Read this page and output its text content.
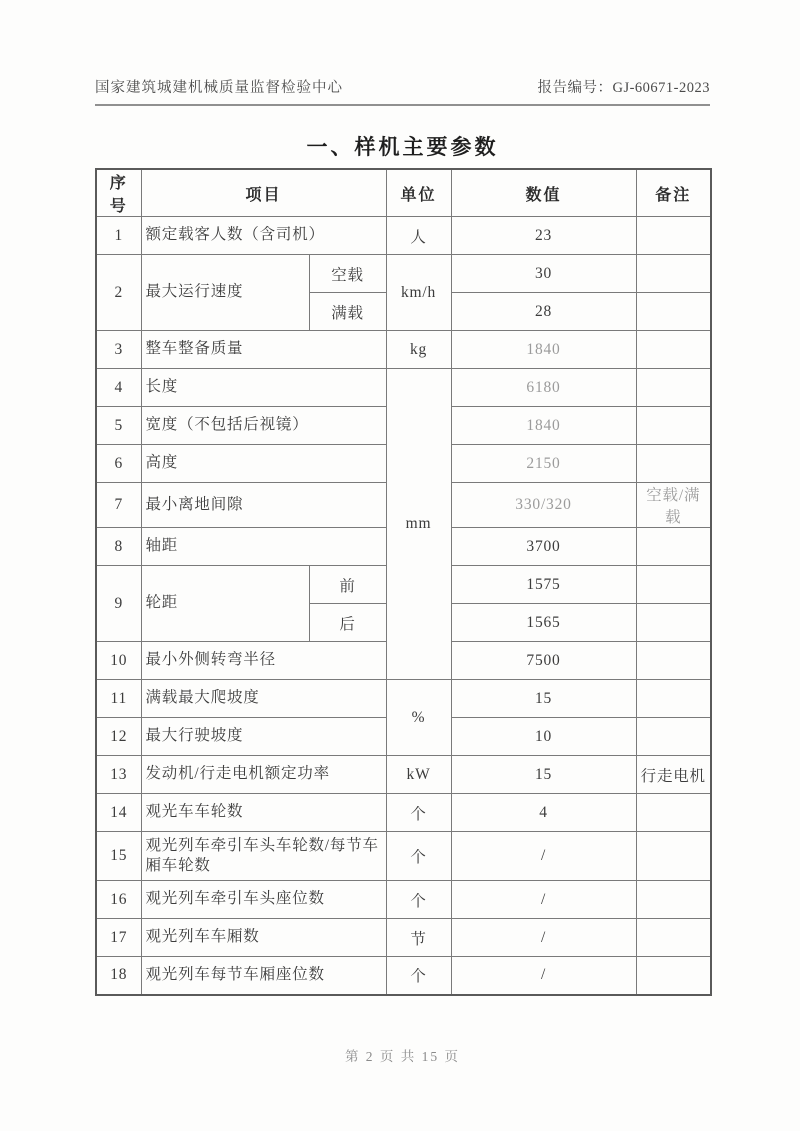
国家建筑城建机械质量监督检验中心	报告编号：GJ-60671-2023
一、样机主要参数
序号	项目		单位	数值	备注
1	额定载客人数（含司机）		人	23	
2	最大运行速度	空载	km/h	30	
		满载		28	
3	整车整备质量		kg	1840	
4	长度		mm	6180	
5	宽度（不包括后视镜）			1840	
6	高度			2150	
7	最小离地间隙			330/320	空载/满载
8	轴距			3700	
9	轮距	前		1575	
		后		1565	
10	最小外侧转弯半径			7500	
11	满载最大爬坡度		%	15	
12	最大行驶坡度			10	
13	发动机/行走电机额定功率		kW	15	行走电机
14	观光车车轮数		个	4	
15	观光列车牵引车头车轮数/每节车厢车轮数		个	/	
16	观光列车牵引车头座位数		个	/	
17	观光列车车厢数		节	/	
18	观光列车每节车厢座位数		个	/	
第 2 页 共 15 页
